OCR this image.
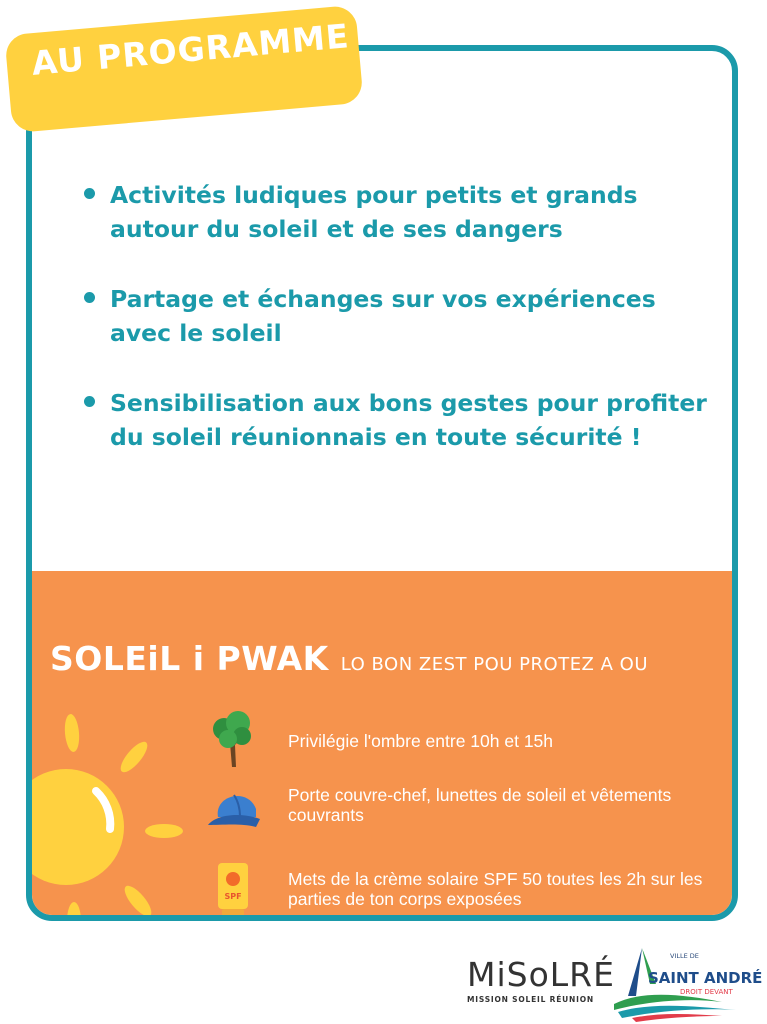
Activités ludiques pour petits et grands autour du soleil et de ses dangers
Partage et échanges sur vos expériences avec le soleil
Sensibilisation aux bons gestes pour profiter du soleil réunionnais en toute sécurité !
SOLEiL i PWAK LO BON ZEST POU PROTEZ A OU
Privilégie l'ombre entre 10h et 15h
Porte couvre-chef, lunettes de soleil et vêtements couvrants
SPF
Mets de la crème solaire SPF 50 toutes les 2h sur les parties de ton corps exposées
AU PROGRAMME
MiSoLRÉ
MISSION SOLEIL RÉUNION
VILLE DE
SAINT ANDRÉ
DROIT DEVANT
